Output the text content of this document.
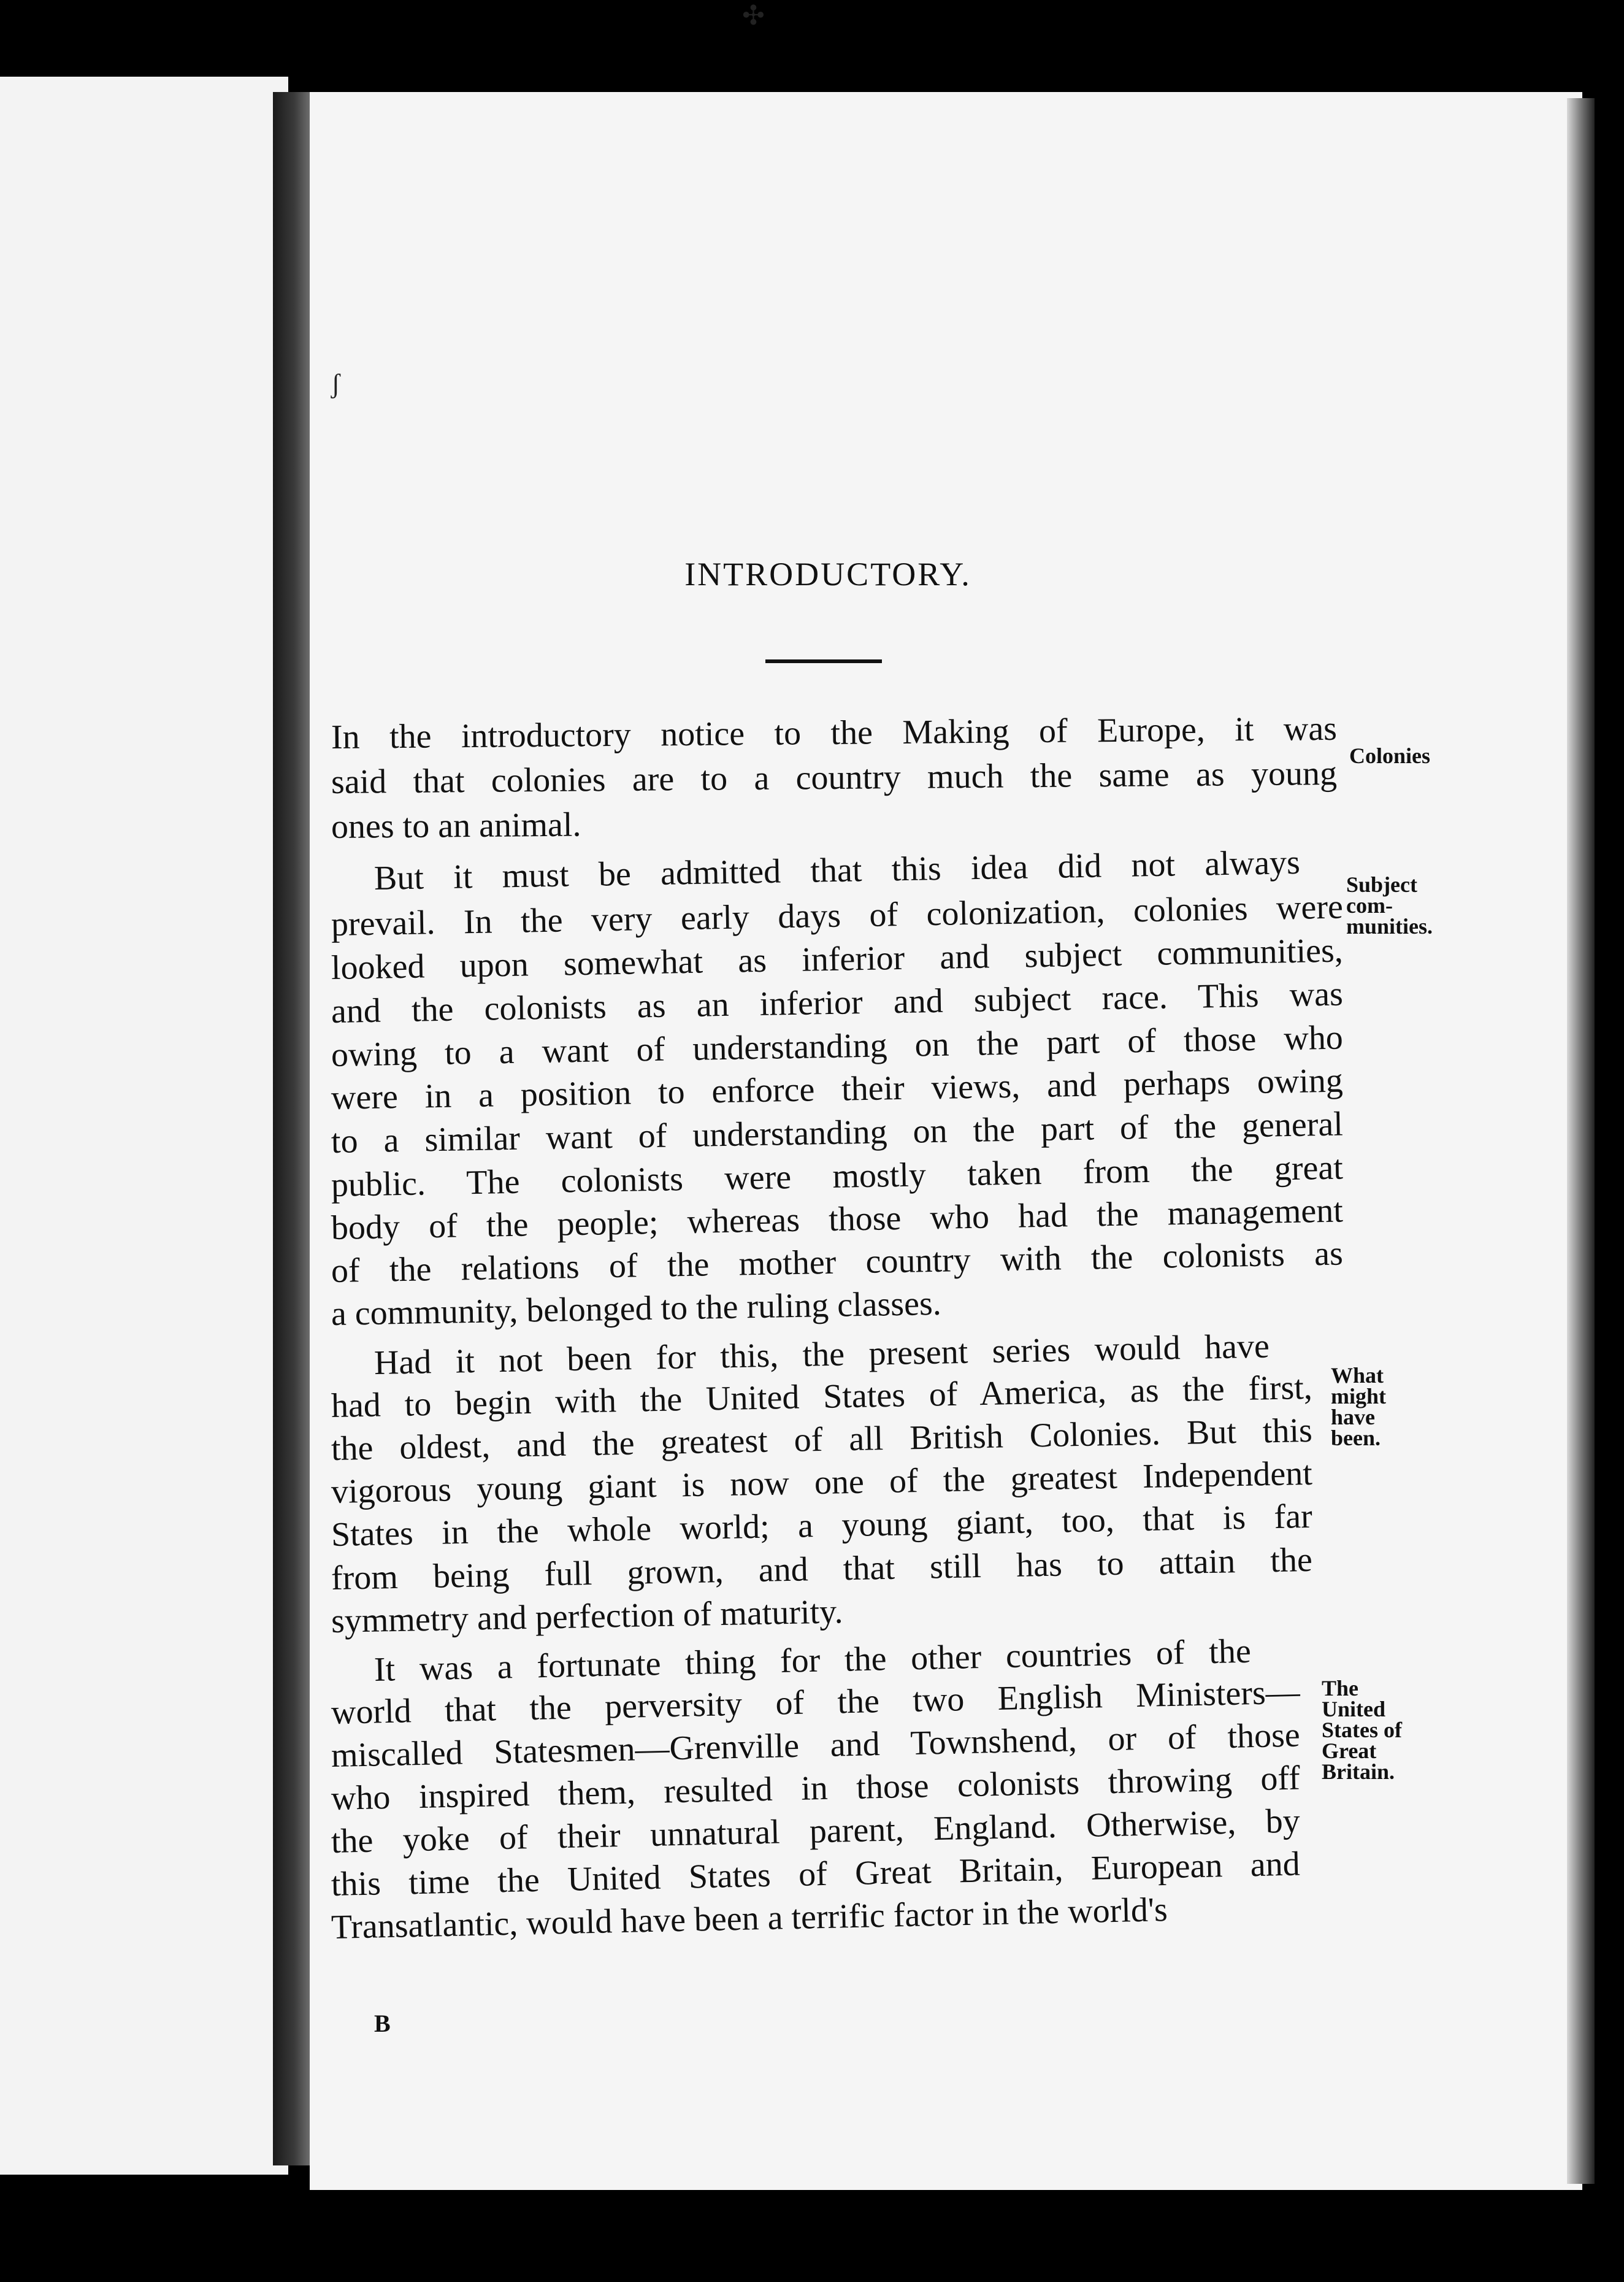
✣
ʃ
INTRODUCTORY.
In the introductory notice to the Making of Europe, it was
said that colonies are to a country much the same as young
ones to an animal.
But it must be admitted that this idea did not always
prevail. In the very early days of colonization, colonies were
looked upon somewhat as inferior and subject communities,
and the colonists as an inferior and subject race. This was
owing to a want of understanding on the part of those who
were in a position to enforce their views, and perhaps owing
to a similar want of understanding on the part of the general
public. The colonists were mostly taken from the great
body of the people; whereas those who had the management
of the relations of the mother country with the colonists as
a community, belonged to the ruling classes.
Had it not been for this, the present series would have
had to begin with the United States of America, as the first,
the oldest, and the greatest of all British Colonies. But this
vigorous young giant is now one of the greatest Independent
States in the whole world; a young giant, too, that is far
from being full grown, and that still has to attain the
symmetry and perfection of maturity.
It was a fortunate thing for the other countries of the
world that the perversity of the two English Ministers—
miscalled Statesmen—Grenville and Townshend, or of those
who inspired them, resulted in those colonists throwing off
the yoke of their unnatural parent, England. Otherwise, by
this time the United States of Great Britain, European and
Transatlantic, would have been a terrific factor in the world's
Colonies
Subject
com-
munities.
What
might
have
been.
The
United
States of
Great
Britain.
B
